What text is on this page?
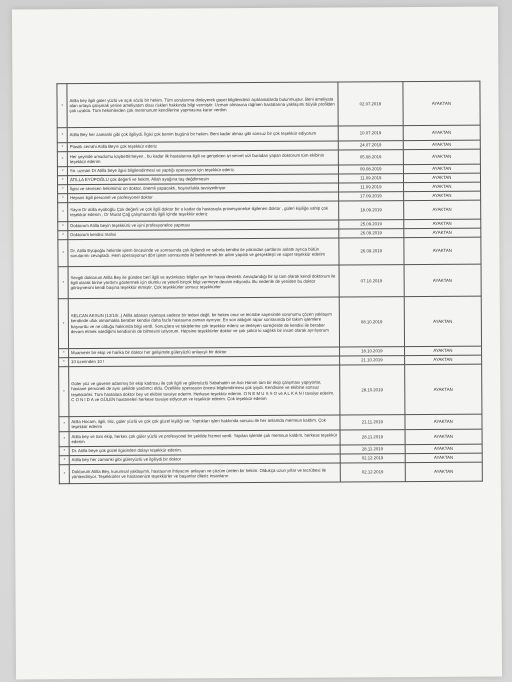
*	Atilla bey ilgili güler yüzlü ve açık sözlü bir hekim. Tüm sorularıma dinleyerek gayet bilgilendirici açıklamalarda bulunmuştur. Beni ameliyata alan ortaya çalışmak yerine ameliyatım olası riskleri hakkında bilgi vermiştir. Uzman olmasına rağmen hastalarına yaklaşımı büyük profilden çok uzakta. Tüm hekimlerden çok memnunum kendilerine yapmasına karar verdim	02.07.2019	AYAKTAN
*	Atilla Bey her zamanki gibi çok ilgiliydi. İlgisi çok benim bugünü bir hekim. Beni kadar almaz gibi sonsuz bir çok teşekkür ediyorum	10.07.2019	AYAKTAN
*	Plastik cerrahi Atilla Bey'e çok teşekkür ederiz	24.07.2019	AYAKTAN
*	Her şeyinde umudumu kaybettirmeyen , bu kadar ilk hastalarına ilgili ve gerçekten iyi servet sizi buradan yapan doktorum tüm ekibinin teşekkür ederim	05.08.2019	AYAKTAN
*	Sn. uzman Dr Atilla beye ilgisi bilgilendirmesi ve yaptığı operasyon için teşekkür ederiz.	09.08.2019	AYAKTAN
*	ATILLA EYÜPOĞLU çok değerli ve hekim, Allah ayağına taş değdirmesin	11.09.2019	AYAKTAN
*	İlgisi ve sevecen hekimimiz on doktor, önemli yapacaktı, hoşnutlukla tavsiyediriyor	11.09.2019	AYAKTAN
*	Hepsini ilgili personel ve profesyonel doktor	17.09.2019	AYAKTAN
*	Sayın Dr atilla eyüboğlu Çok değerli ve çok ilgili doktor bir o kadar da hastasıyla prosesyonelce ilgilenen doktor , güleri kişiliğe sahip çok teşekkür ederim , Dr Murat Çağ çalışmasında ilgili içinde teşekkür ederiz	18.09.2019	AYAKTAN
*	Doktorum Atilla beyin teşekkürü ve işini profesyonelce yapması	25.09.2019	AYAKTAN
*	Doktorum kendisi mahsi	26.09.2019	AYAKTAN
*	Dr. Atilla Eyüpoğlu hekimle işlem öncesinde ve sonrasında çok ilgilendi ve sabırla kendisi ile yakından şartlarını anlattı ayrıca bütün sorularımı cevapladı. Hem operasyonun dört işlem sonrasında iki belirlenerek bir adım yapıldı ve gerçekleşti ve süper teşekkür ederim	26.09.2019	AYAKTAN
*	Sevgili doktorum Atilla Bey ile günden beri ilgili ve aydınlatıcı bilgiler ayrı bir hasta destekli. Amaçlandığı bir işi tam olarak kendi doktorum ile ilgili olarak birine yardımı göstermek için olumlu ve yeterli birçok bilgi vermeye devam ediyordu. Bu nedenle de yeniden bu doktor görüşmesini kendi başına teşekkür etmiştir. Çok teşekkürler sonsuz teşekkürler	07.10.2019	AYAKTAN
*	SELCAN AKSUN (13/10/..) Atilla adanan oyanaya sadece bir tedavi değil, bir hekim onur ve tecrübe sayesinde sorunumu çözen yaklaşım kendinde ufuk olmamakla beraber kendisi daha fazla hastasına zaman ayırıyor. En son aldığım rapor sonrasında bir takım işlemlere başvurdu ve ne olduğu hakkında bilgi verdi. Sonuçlara ve takiplerine çok teşekkür ederiz ve ilerleyen süreçlerde de kendisi ile beraber devam etmek istediğimi kendisinin de bilmesini istiyorum. Hepsine teşekkürler doktor ve çok şükür ki sağlıklı bir insan olarak ayrılıyorum	08.10.2019	AYAKTAN
*	Muammer bir ekip ve harika bir doktor her gelişimde güleryüzlü anlayışlı bir doktor	18.10.2019	AYAKTAN
*	10 üzerinden 10 !	21.10.2019	AYAKTAN
*	Güler yüz ve güvene adanmış bir ekip kadrosu ile çok ilgili ve güleryüzlü Sabahattin ve Aslı Hanım tam bir ekip çalışması yapıyorlar, hastane personeli de aynı şekilde yardımcı oldu. Özellikle operasyon öncesi bilgilendirmesi çok iyiydi. Kendisine ve ekibine sonsuz teşekkürler. Tüm hastalara doktor bey ve ekibini tavsiye ederim. Herkese teşekkür ederim. O N E M U S S O ve A L K A N I tavsiye ederim. C O N I D A ve GÜLEN hastaneleri herkese tavsiye ediyorum ve teşekkür ederim. Çok teşekkür ederim	28.10.2019	AYAKTAN
*	Atilla Hocam, ilgili, titiz, güler yüzlü ve çok çok güzel kişiliği var. Yaptıkları işleri hakkında sonucu ile her anlamda memnun kaldım. Çok teşekkür ederim	21.11.2019	AYAKTAN
*	Atilla bey ve tüm ekip, herkes çok güler yüzlü ve profesyonel bir şekilde hizmet verdi. Yapılan işlemle çok memnun kaldım, herkese teşekkür ederim	28.11.2019	AYAKTAN
*	Dr. Atilla beye çok güzel ilgisinden dolayı teşekkür ederim.	28.11.2019	AYAKTAN
*	Atilla bey her zamanki gibi güleryüzlü ve ilgiliydi bir doktor	02.12.2019	AYAKTAN
*	Doktorum Atilla Bey, kurumsal yaklaşımlı, hastasının ihtiyacını anlayan ve çözüm üreten bir hekim. Oldukça uzun yıllar ve tecrübesi ile yönlendiriyor. Teşekkürler ve hastanenize teşekkürler ve başarılar dileriz insanların	02.12.2019	AYAKTAN
